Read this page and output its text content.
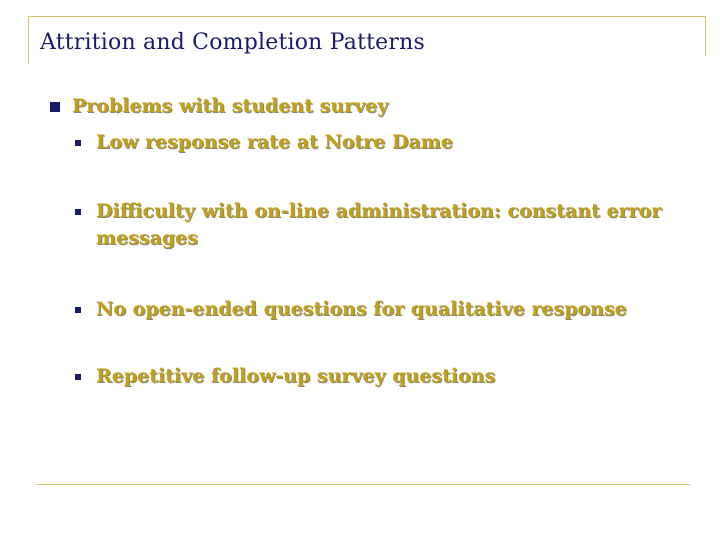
Attrition and Completion Patterns
Problems with student survey
Low response rate at Notre Dame
Difficulty with on-line administration: constant error messages
No open-ended questions for qualitative response
Repetitive follow-up survey questions
